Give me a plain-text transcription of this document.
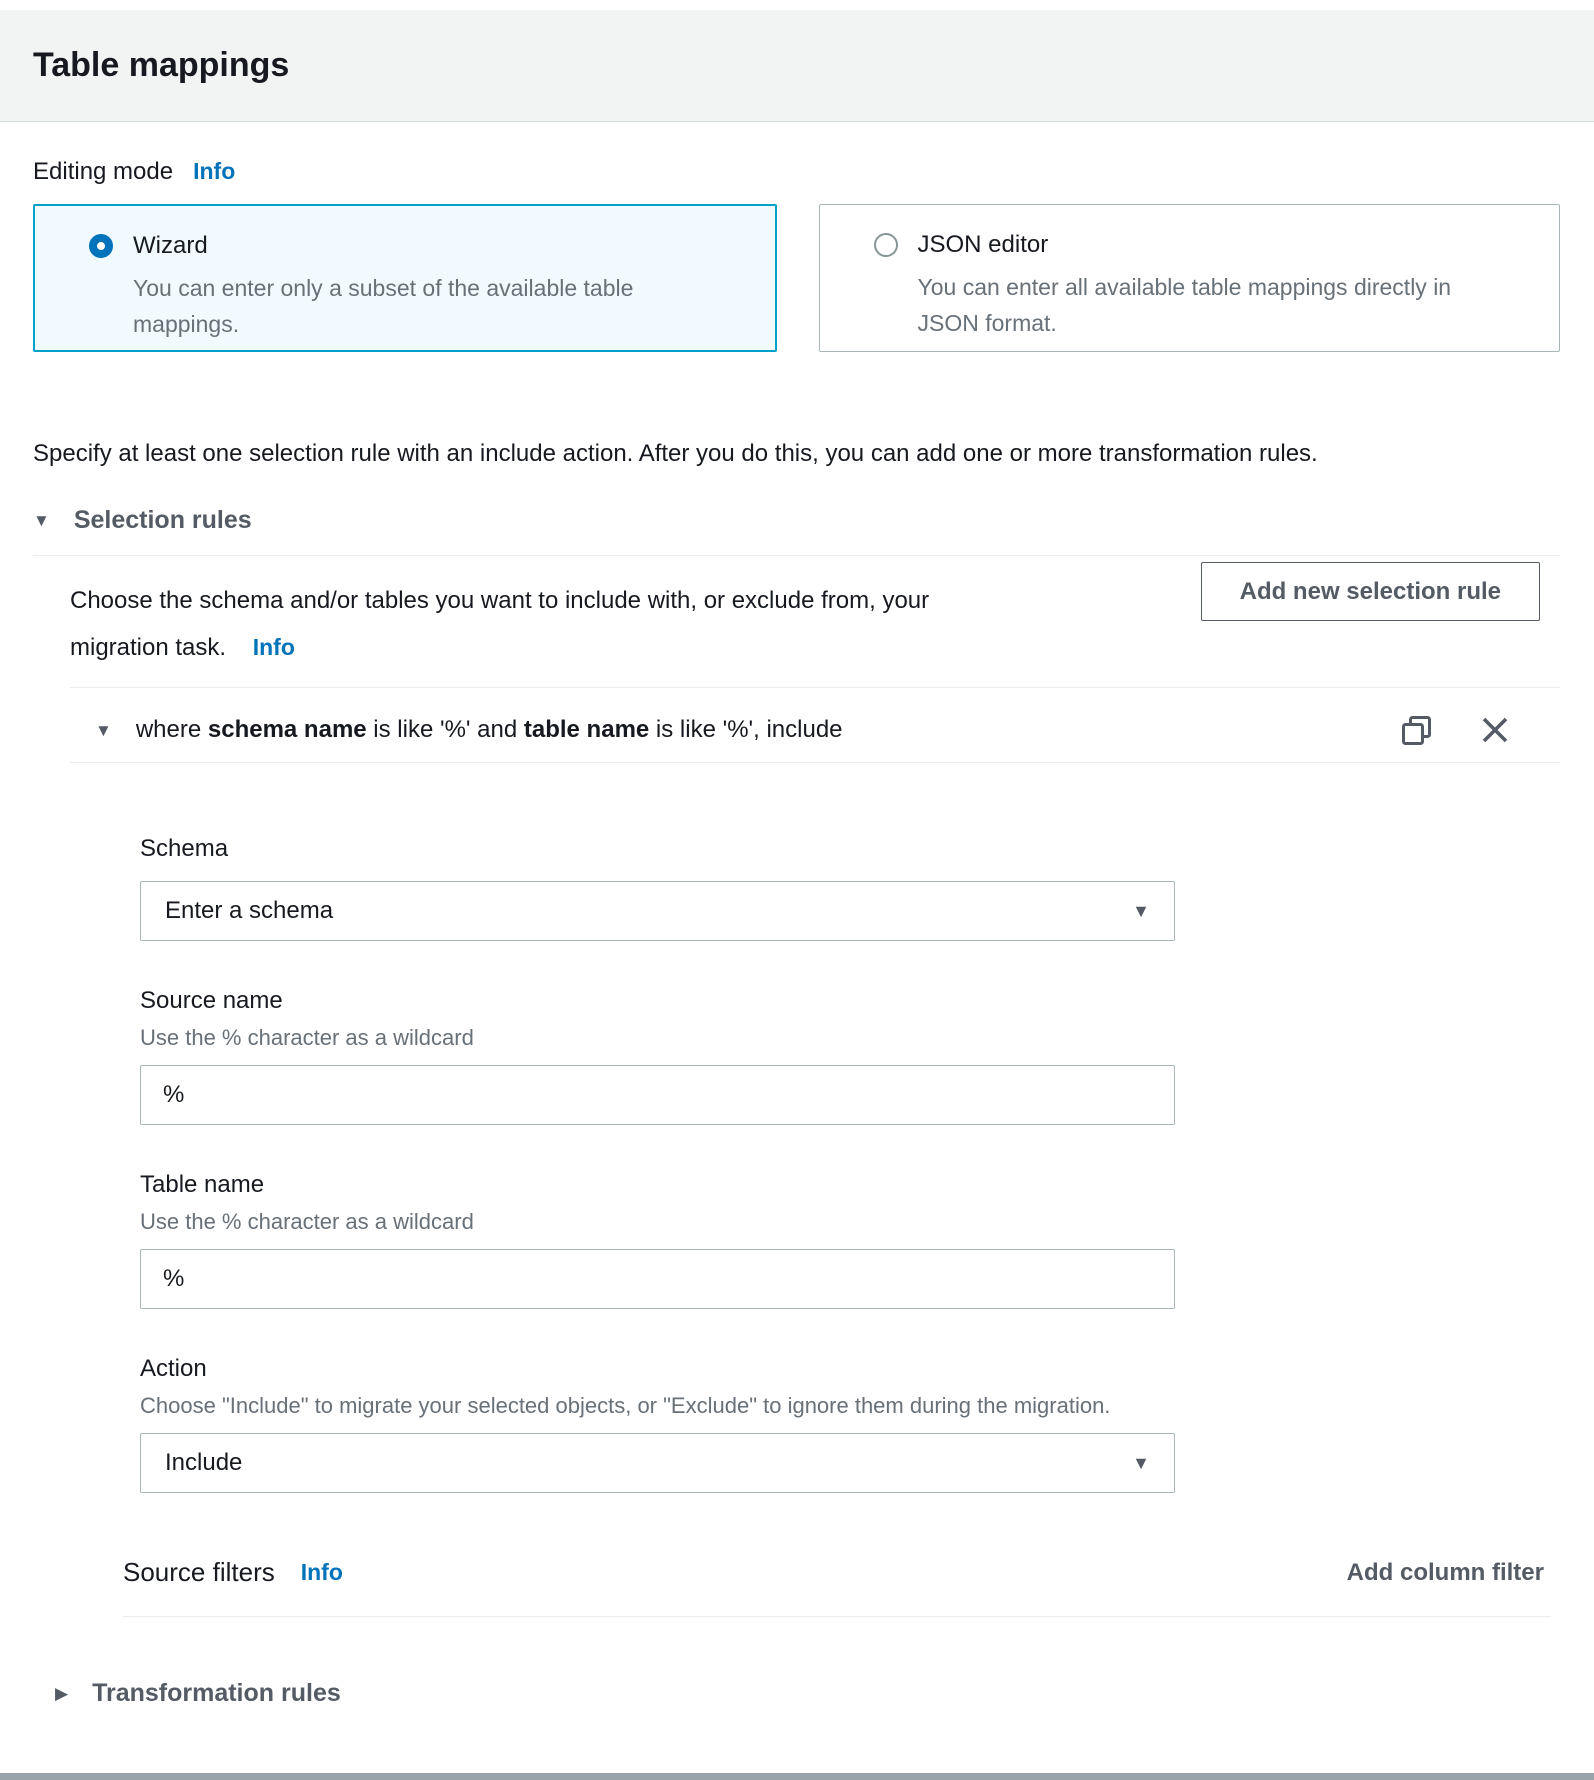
Table mappings
Editing mode Info
Wizard
You can enter only a subset of the available table mappings.
JSON editor
You can enter all available table mappings directly in JSON format.
Specify at least one selection rule with an include action. After you do this, you can add one or more transformation rules.
▼ Selection rules
Choose the schema and/or tables you want to include with, or exclude from, your migration task. Info
Add new selection rule
▼ where schema name is like '%' and table name is like '%', include
Schema
Enter a schema	▼
Source name
Use the % character as a wildcard
%
Table name
Use the % character as a wildcard
%
Action
Choose "Include" to migrate your selected objects, or "Exclude" to ignore them during the migration.
Include	▼
Source filters Info	Add column filter
▶ Transformation rules
